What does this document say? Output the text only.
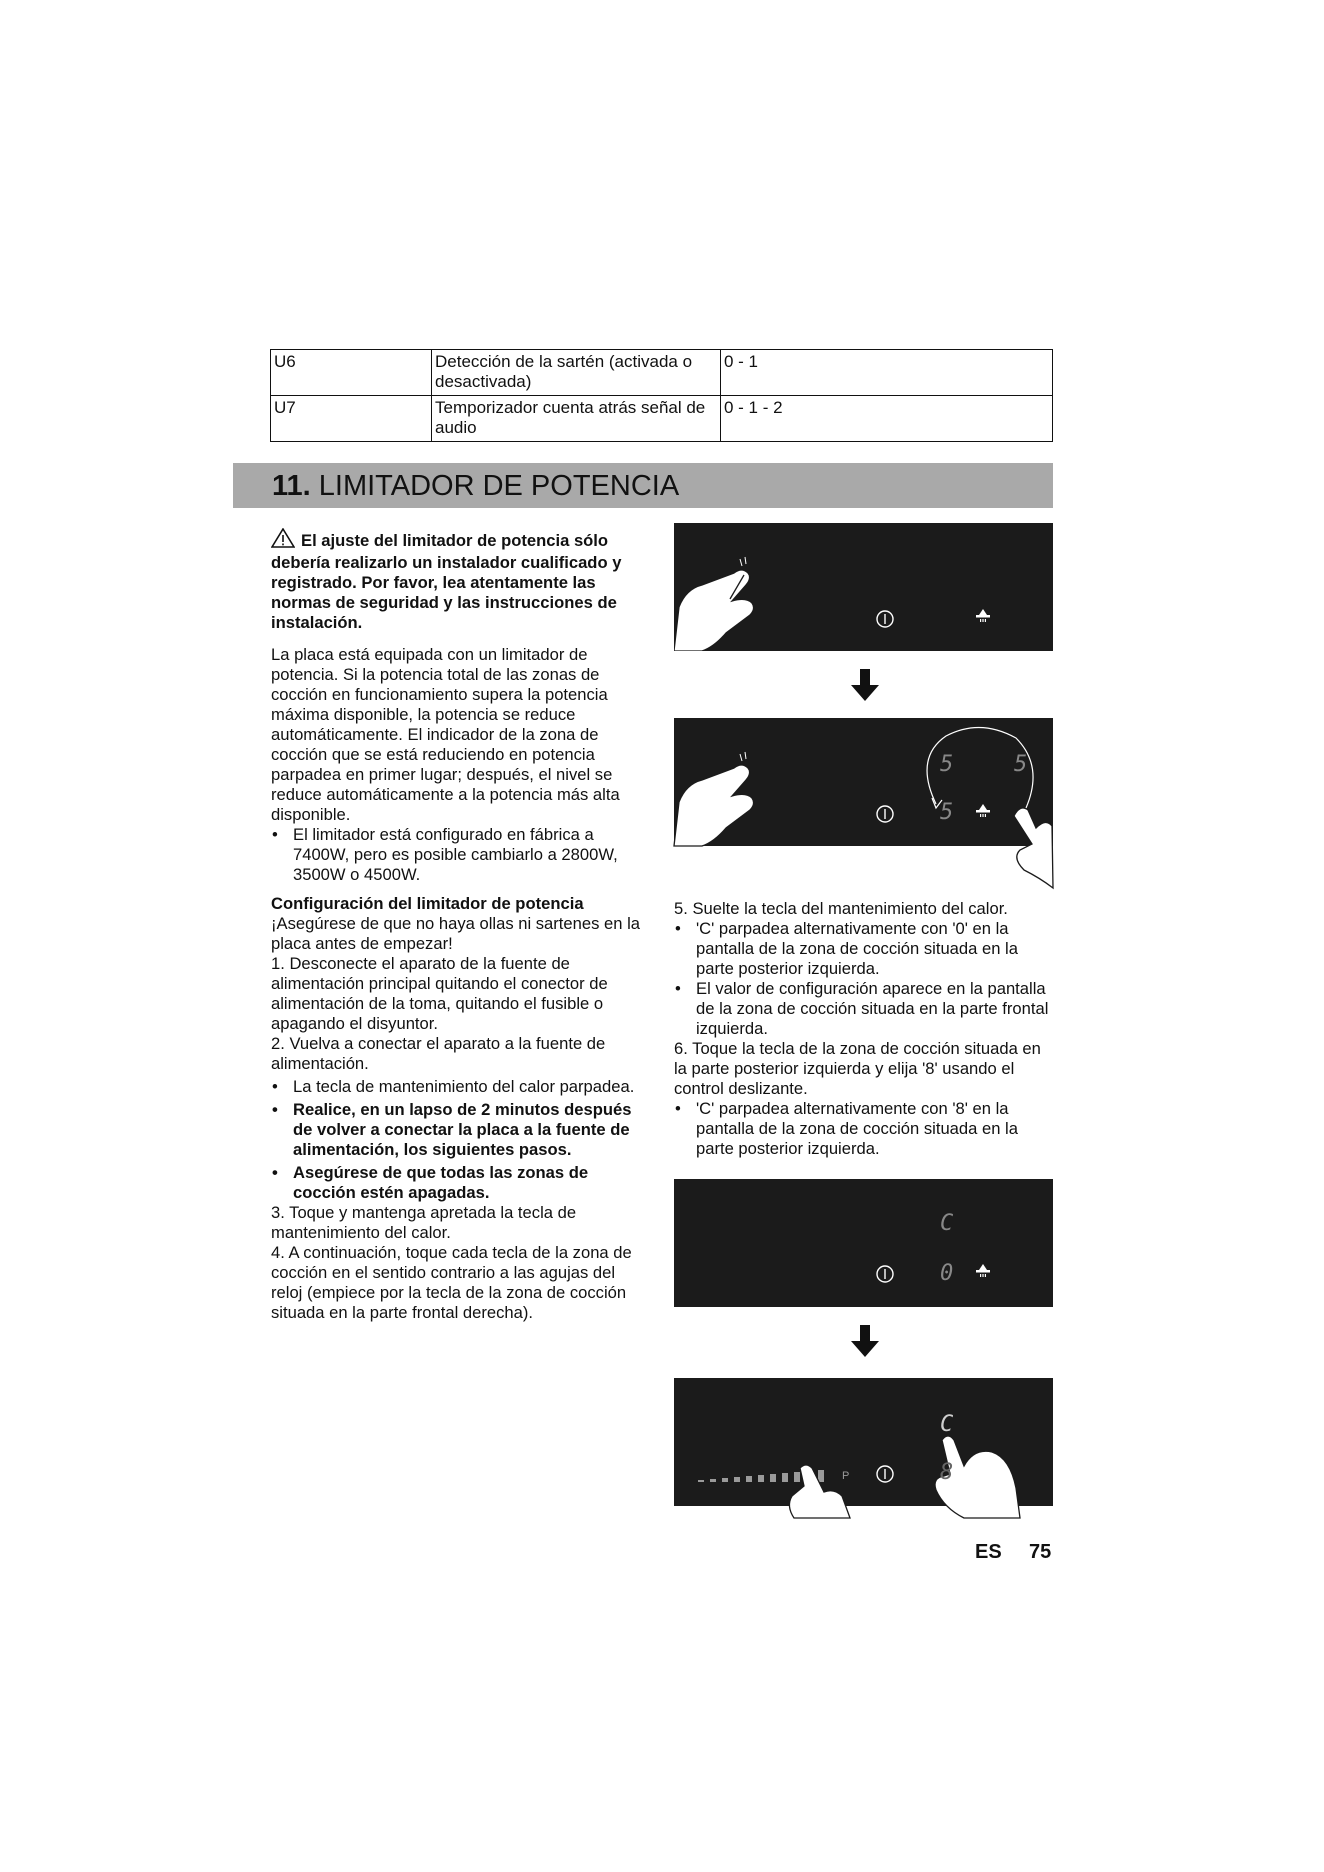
U6	Detección de la sartén (activada o desactivada)	0 - 1
U7	Temporizador cuenta atrás señal de audio	0 - 1 - 2
11. LIMITADOR DE POTENCIA

El ajuste del limitador de potencia sólo debería realizarlo un instalador cualificado y registrado. Por favor, lea atentamente las normas de seguridad y las instrucciones de instalación.

La placa está equipada con un limitador de potencia. Si la potencia total de las zonas de cocción en funcionamiento supera la potencia máxima disponible, la potencia se reduce automáticamente. El indicador de la zona de cocción que se está reduciendo en potencia parpadea en primer lugar; después, el nivel se reduce automáticamente a la potencia más alta disponible.

• El limitador está configurado en fábrica a 7400W, pero es posible cambiarlo a 2800W, 3500W o 4500W.

Configuración del limitador de potencia

¡Asegúrese de que no haya ollas ni sartenes en la placa antes de empezar!

1. Desconecte el aparato de la fuente de alimentación principal quitando el conector de alimentación de la toma, quitando el fusible o apagando el disyuntor.

2. Vuelva a conectar el aparato a la fuente de alimentación.

• La tecla de mantenimiento del calor parpadea.
• Realice, en un lapso de 2 minutos después de volver a conectar la placa a la fuente de alimentación, los siguientes pasos.
• Asegúrese de que todas las zonas de cocción estén apagadas.

3. Toque y mantenga apretada la tecla de mantenimiento del calor.

4. A continuación, toque cada tecla de la zona de cocción en el sentido contrario a las agujas del reloj (empiece por la tecla de la zona de cocción situada en la parte frontal derecha).

5	5
5

5. Suelte la tecla del mantenimiento del calor.

• 'C' parpadea alternativamente con '0' en la pantalla de la zona de cocción situada en la parte posterior izquierda.
• El valor de configuración aparece en la pantalla de la zona de cocción situada en la parte frontal izquierda.

6. Toque la tecla de la zona de cocción situada en la parte posterior izquierda y elija '8' usando el control deslizante.

• 'C' parpadea alternativamente con '8' en la pantalla de la zona de cocción situada en la parte posterior izquierda.
C
0
C
8
P
ES 75
